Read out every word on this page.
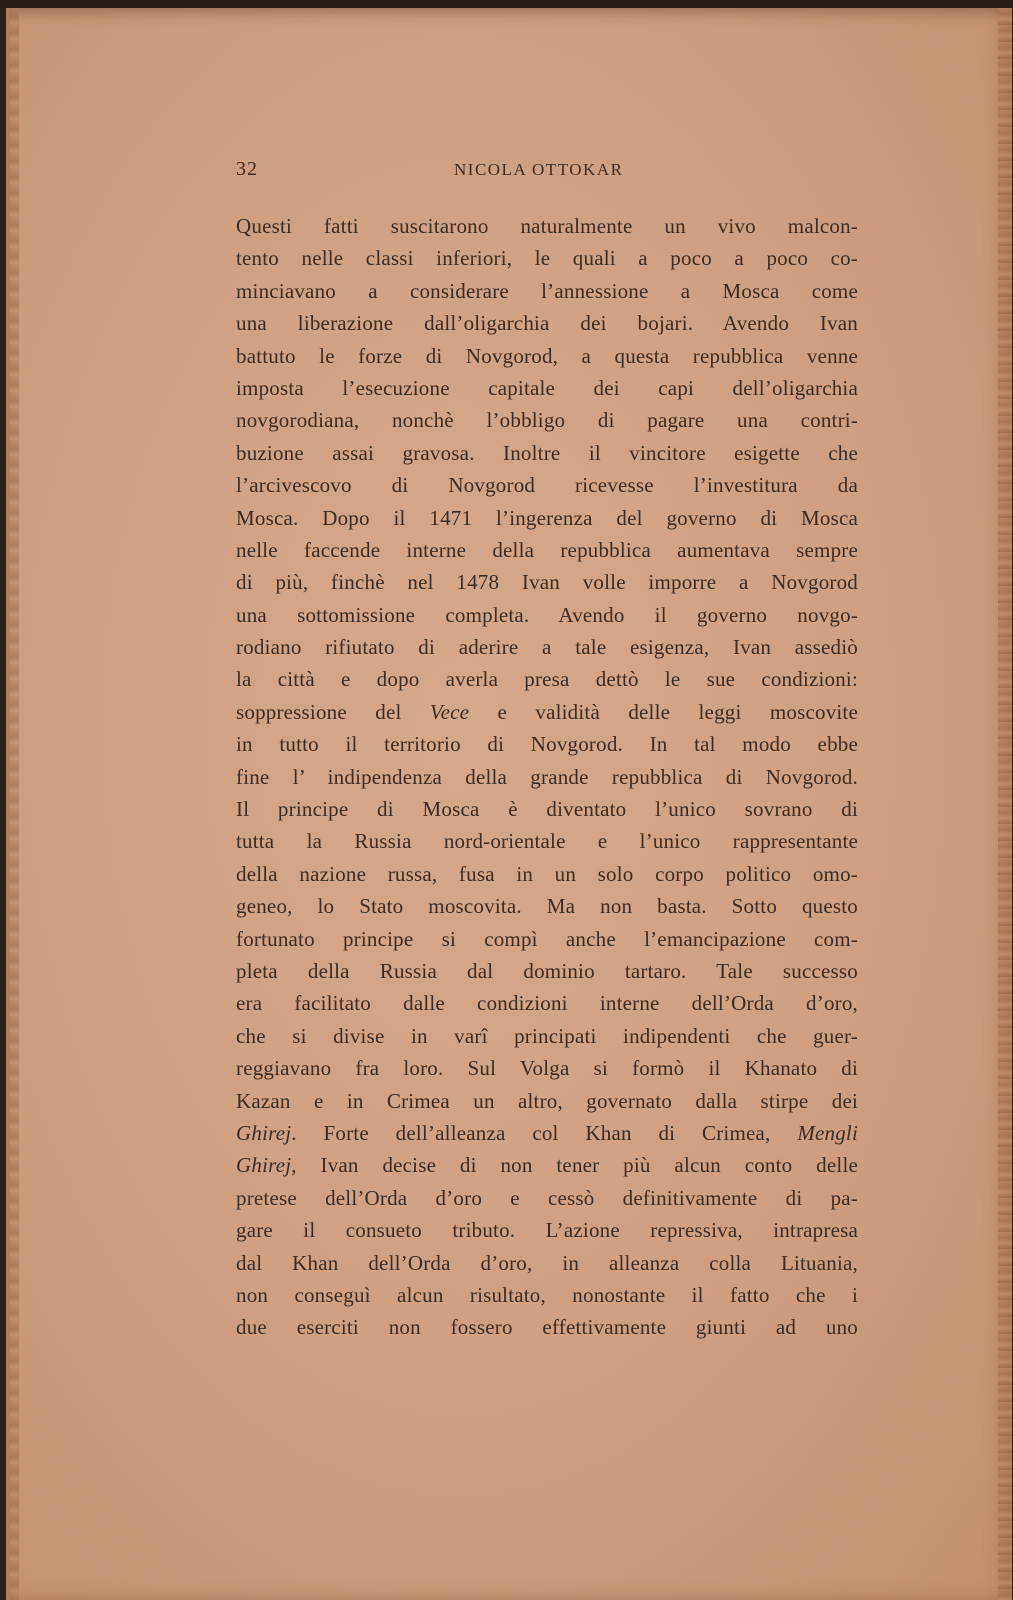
32	NICOLA OTTOKAR
Questi fatti suscitarono naturalmente un vivo malcon-
tento nelle classi inferiori, le quali a poco a poco co-
minciavano a considerare l’annessione a Mosca come
una liberazione dall’oligarchia dei bojari. Avendo Ivan
battuto le forze di Novgorod, a questa repubblica venne
imposta l’esecuzione capitale dei capi dell’oligarchia
novgorodiana, nonchè l’obbligo di pagare una contri-
buzione assai gravosa. Inoltre il vincitore esigette che
l’arcivescovo di Novgorod ricevesse l’investitura da
Mosca. Dopo il 1471 l’ingerenza del governo di Mosca
nelle faccende interne della repubblica aumentava sempre
di più, finchè nel 1478 Ivan volle imporre a Novgorod
una sottomissione completa. Avendo il governo novgo-
rodiano rifiutato di aderire a tale esigenza, Ivan assediò
la città e dopo averla presa dettò le sue condizioni:
soppressione del Vece e validità delle leggi moscovite
in tutto il territorio di Novgorod. In tal modo ebbe
fine l’ indipendenza della grande repubblica di Novgorod.
Il principe di Mosca è diventato l’unico sovrano di
tutta la Russia nord-orientale e l’unico rappresentante
della nazione russa, fusa in un solo corpo politico omo-
geneo, lo Stato moscovita. Ma non basta. Sotto questo
fortunato principe si compì anche l’emancipazione com-
pleta della Russia dal dominio tartaro. Tale successo
era facilitato dalle condizioni interne dell’Orda d’oro,
che si divise in varî principati indipendenti che guer-
reggiavano fra loro. Sul Volga si formò il Khanato di
Kazan e in Crimea un altro, governato dalla stirpe dei
Ghirej. Forte dell’alleanza col Khan di Crimea, Mengli
Ghirej, Ivan decise di non tener più alcun conto delle
pretese dell’Orda d’oro e cessò definitivamente di pa-
gare il consueto tributo. L’azione repressiva, intrapresa
dal Khan dell’Orda d’oro, in alleanza colla Lituania,
non conseguì alcun risultato, nonostante il fatto che i
due eserciti non fossero effettivamente giunti ad uno
